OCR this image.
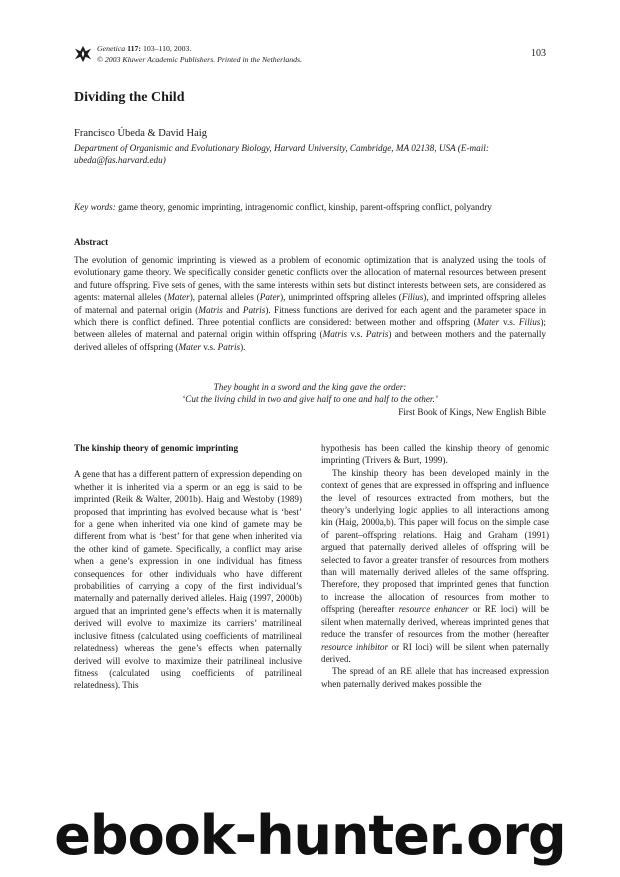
Genetica 117: 103–110, 2003.
© 2003 Kluwer Academic Publishers. Printed in the Netherlands.	103
Dividing the Child
Francisco Úbeda & David Haig
Department of Organismic and Evolutionary Biology, Harvard University, Cambridge, MA 02138, USA (E-mail: ubeda@fas.harvard.edu)
Key words: game theory, genomic imprinting, intragenomic conflict, kinship, parent-offspring conflict, polyandry
Abstract
The evolution of genomic imprinting is viewed as a problem of economic optimization that is analyzed using the tools of evolutionary game theory. We specifically consider genetic conflicts over the allocation of maternal resources between present and future offspring. Five sets of genes, with the same interests within sets but distinct interests between sets, are considered as agents: maternal alleles (Mater), paternal alleles (Pater), unimprinted offspring alleles (Filius), and imprinted offspring alleles of maternal and paternal origin (Matris and Patris). Fitness functions are derived for each agent and the parameter space in which there is conflict defined. Three potential conflicts are considered: between mother and offspring (Mater v.s. Filius); between alleles of maternal and paternal origin within offspring (Matris v.s. Patris) and between mothers and the paternally derived alleles of offspring (Mater v.s. Patris).
They bought in a sword and the king gave the order:
‘Cut the living child in two and give half to one and half to the other.’
First Book of Kings, New English Bible
The kinship theory of genomic imprinting

A gene that has a different pattern of expression depending on whether it is inherited via a sperm or an egg is said to be imprinted (Reik & Walter, 2001b). Haig and Westoby (1989) proposed that imprinting has evolved because what is ‘best’ for a gene when inherited via one kind of gamete may be different from what is ‘best’ for that gene when inherited via the other kind of gamete. Specifically, a conflict may arise when a gene’s expression in one individual has fitness consequences for other individuals who have different probabilities of carrying a copy of the first individual’s maternally and paternally derived alleles. Haig (1997, 2000b) argued that an imprinted gene’s effects when it is maternally derived will evolve to maximize its carriers’ matrilineal inclusive fitness (calculated using coefficients of matrilineal relatedness) whereas the gene’s effects when paternally derived will evolve to maximize their patrilineal inclusive fitness (calculated using coefficients of patrilineal relatedness). This

hypothesis has been called the kinship theory of genomic imprinting (Trivers & Burt, 1999).

The kinship theory has been developed mainly in the context of genes that are expressed in offspring and influence the level of resources extracted from mothers, but the theory’s underlying logic applies to all interactions among kin (Haig, 2000a,b). This paper will focus on the simple case of parent–offspring relations. Haig and Graham (1991) argued that paternally derived alleles of offspring will be selected to favor a greater transfer of resources from mothers than will maternally derived alleles of the same offspring. Therefore, they proposed that imprinted genes that function to increase the allocation of resources from mother to offspring (hereafter resource enhancer or RE loci) will be silent when maternally derived, whereas imprinted genes that reduce the transfer of resources from the mother (hereafter resource inhibitor or RI loci) will be silent when paternally derived.

The spread of an RE allele that has increased expression when paternally derived makes possible the

ebook-hunter.org
